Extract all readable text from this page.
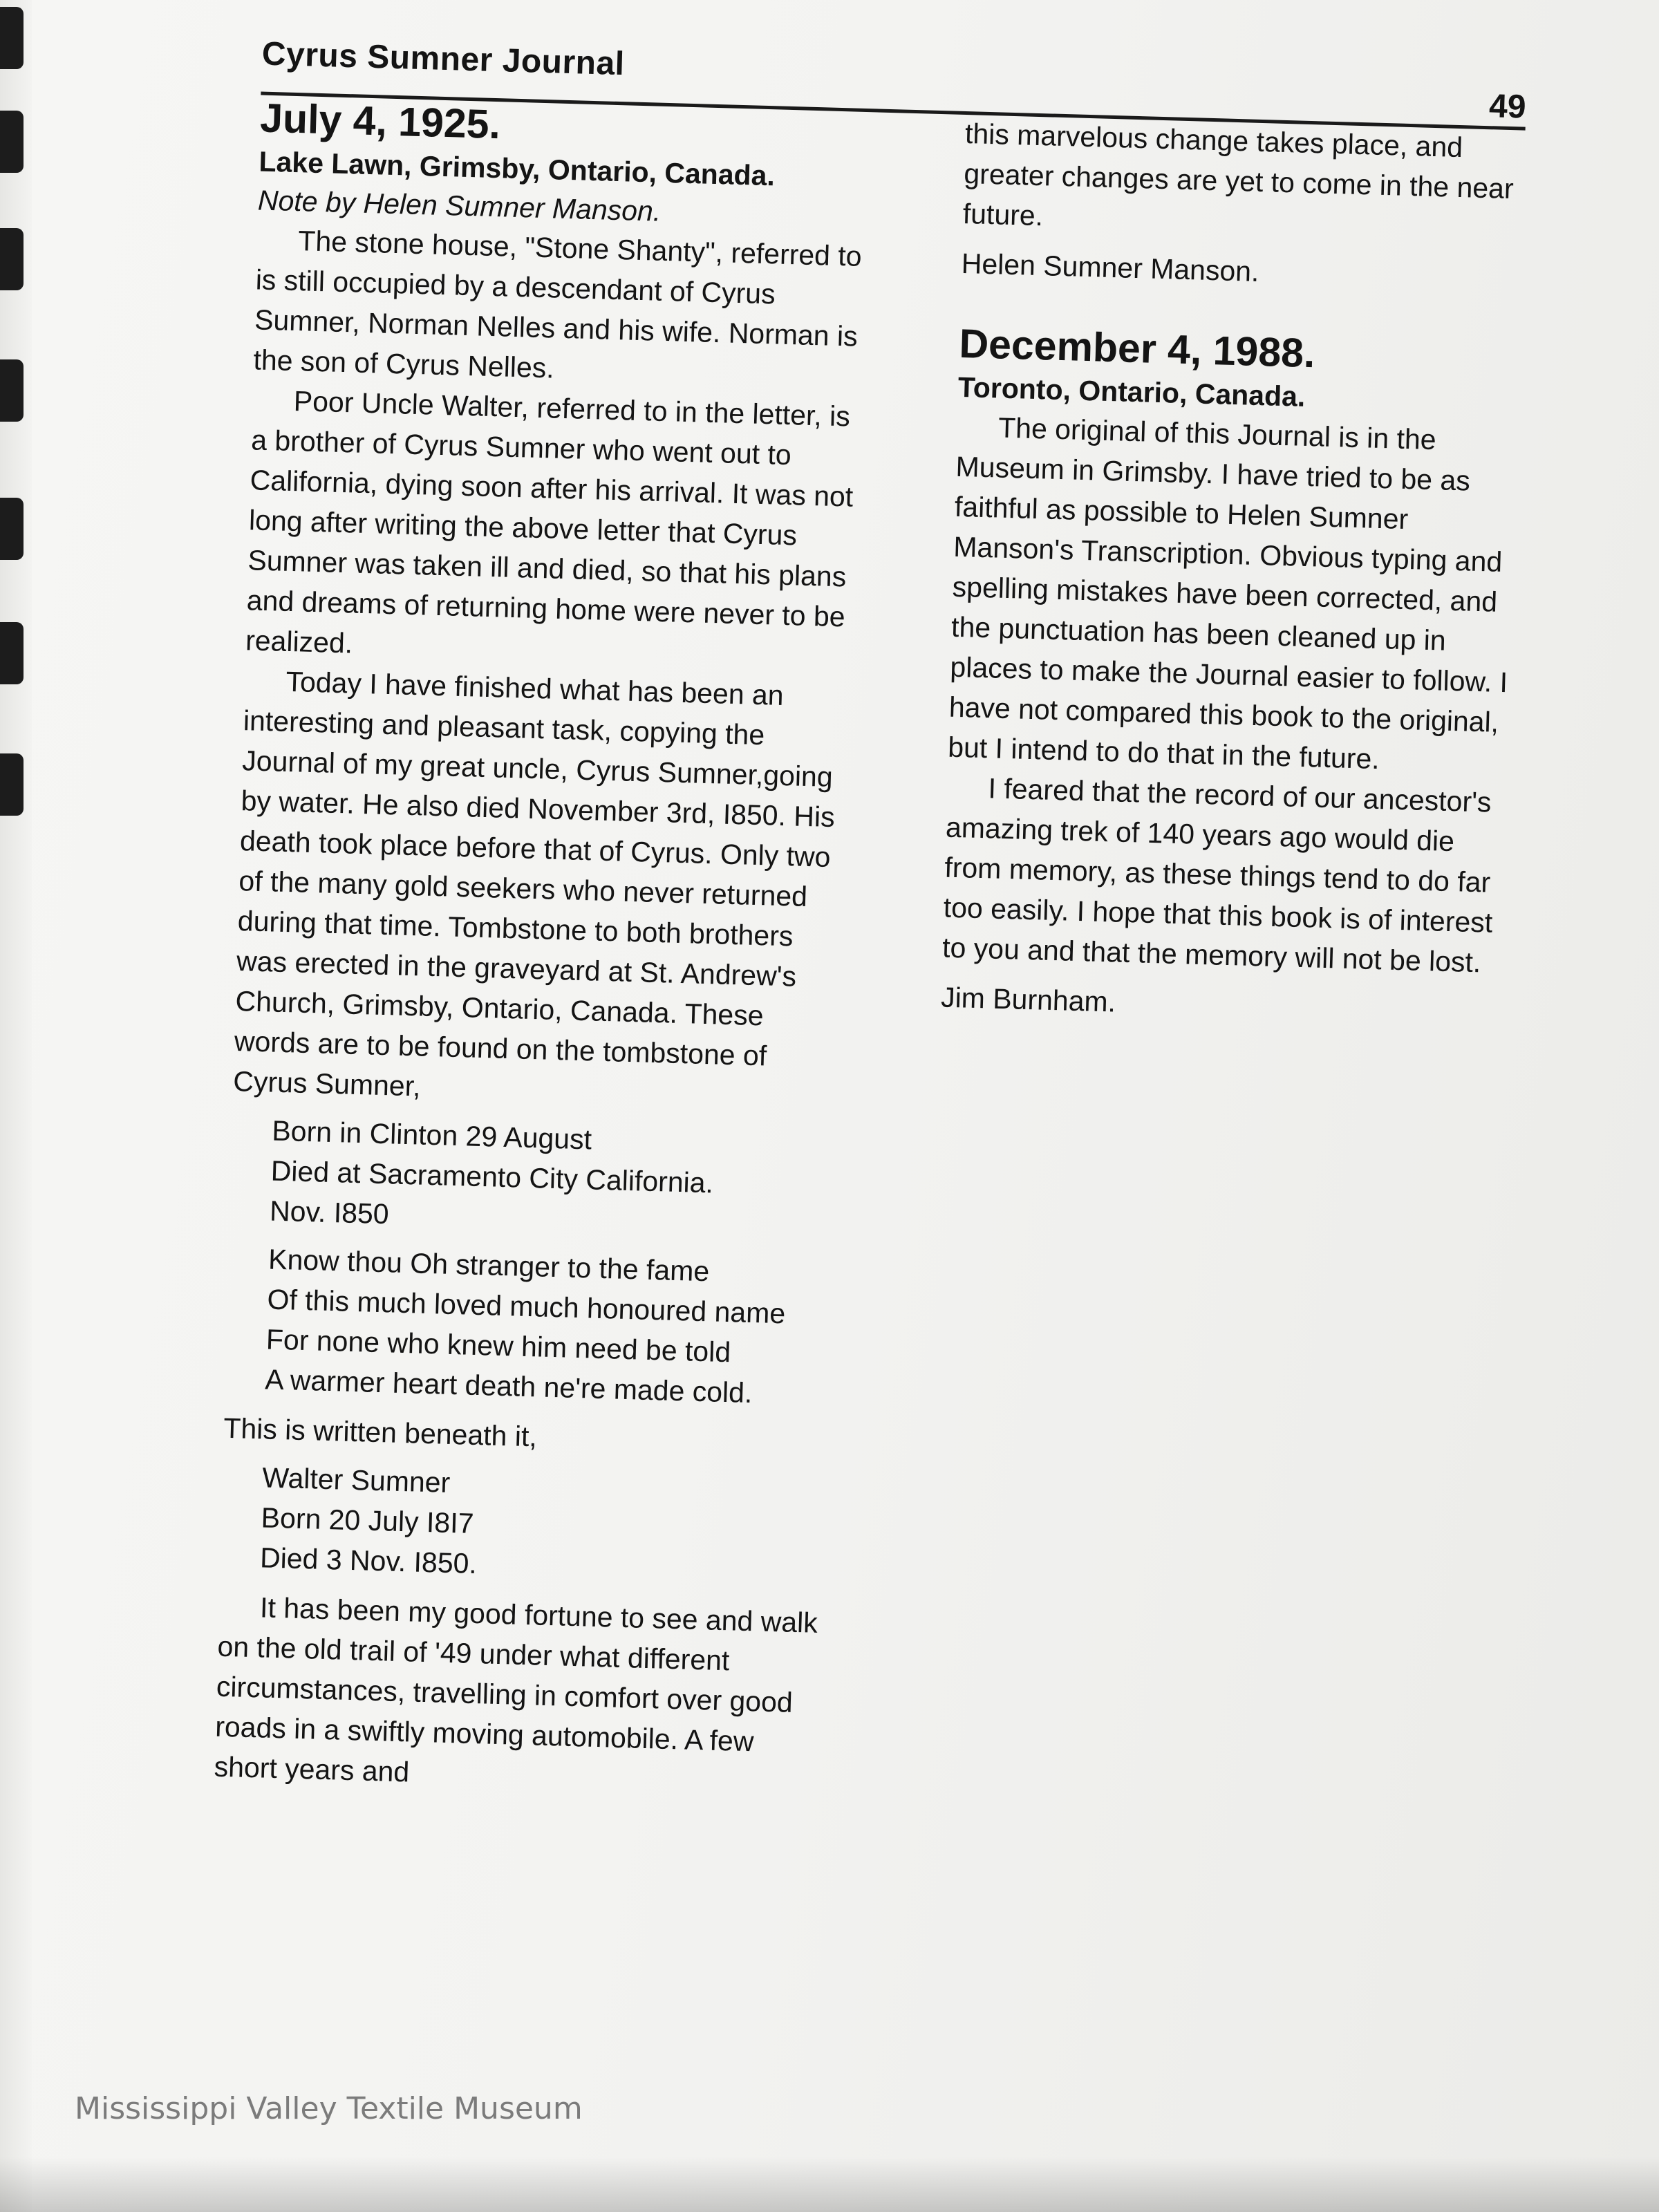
Cyrus Sumner Journal
49
July 4, 1925.
Lake Lawn, Grimsby, Ontario, Canada.
Note by Helen Sumner Manson.

The stone house, "Stone Shanty", referred to is still occupied by a descendant of Cyrus Sumner, Norman Nelles and his wife. Norman is the son of Cyrus Nelles.

Poor Uncle Walter, referred to in the letter, is a brother of Cyrus Sumner who went out to California, dying soon after his arrival. It was not long after writing the above letter that Cyrus Sumner was taken ill and died, so that his plans and dreams of returning home were never to be realized.

Today I have finished what has been an interesting and pleasant task, copying the Journal of my great uncle, Cyrus Sumner,going by water. He also died November 3rd, I850. His death took place before that of Cyrus. Only two of the many gold seekers who never returned during that time. Tombstone to both brothers was erected in the graveyard at St. Andrew's Church, Grimsby, Ontario, Canada. These words are to be found on the tombstone of Cyrus Sumner,

Born in Clinton 29 August
Died at Sacramento City California.
Nov. I850
Know thou Oh stranger to the fame
Of this much loved much honoured name
For none who knew him need be told
A warmer heart death ne're made cold.

This is written beneath it,

Walter Sumner
Born 20 July I8I7
Died 3 Nov. I850.

It has been my good fortune to see and walk on the old trail of '49 under what different circumstances, travelling in comfort over good roads in a swiftly moving automobile. A few short years and

this marvelous change takes place, and greater changes are yet to come in the near future.

Helen Sumner Manson.

December 4, 1988.
Toronto, Ontario, Canada.

The original of this Journal is in the Museum in Grimsby. I have tried to be as faithful as possible to Helen Sumner Manson's Transcription. Obvious typing and spelling mistakes have been corrected, and the punctuation has been cleaned up in places to make the Journal easier to follow. I have not compared this book to the original, but I intend to do that in the future.

I feared that the record of our ancestor's amazing trek of 140 years ago would die from memory, as these things tend to do far too easily. I hope that this book is of interest to you and that the memory will not be lost.

Jim Burnham.

Mississippi Valley Textile Museum
